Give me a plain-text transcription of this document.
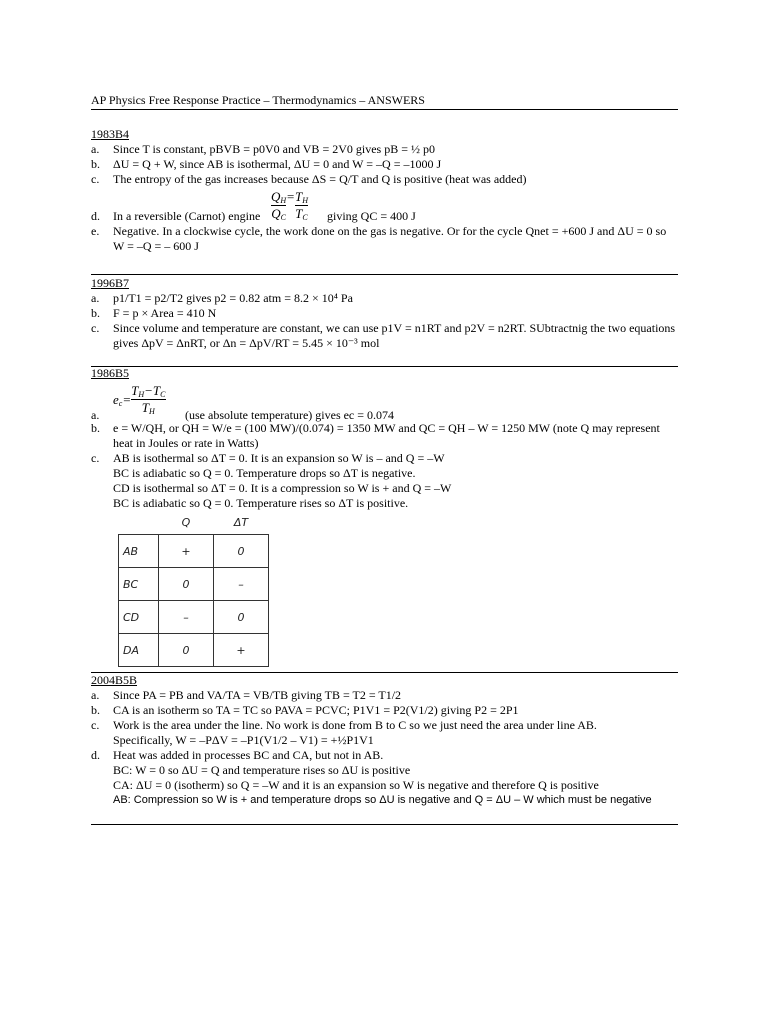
AP Physics Free Response Practice – Thermodynamics – ANSWERS
1983B4
a. Since T is constant, pBVB = p0V0 and VB = 2V0 gives pB = ½ p0
b. ΔU = Q + W, since AB is isothermal, ΔU = 0 and W = –Q = –1000 J
c. The entropy of the gas increases because ΔS = Q/T and Q is positive (heat was added)
d. In a reversible (Carnot) engine $\frac{Q_H}{Q_C} = \frac{T_H}{T_C}$ giving QC = 400 J
e. Negative. In a clockwise cycle, the work done on the gas is negative. Or for the cycle Qnet = +600 J and ΔU = 0 so W = –Q = – 600 J
1996B7
a. p1/T1 = p2/T2 gives p2 = 0.82 atm = 8.2 × 10⁴ Pa
b. F = p × Area = 410 N
c. Since volume and temperature are constant, we can use p1V = n1RT and p2V = n2RT. SUbtractnig the two equations gives ΔpV = ΔnRT, or Δn = ΔpV/RT = 5.45 × 10⁻³ mol
1986B5
a.
$e_c= \frac{T_H-T_C}{T_H} (use$ absolute temperature) gives ec = 0.074
b. e = W/QH, or QH = W/e = (100 MW)/(0.074) = 1350 MW and QC = QH – W = 1250 MW (note Q may represent heat in Joules or rate in Watts)
c. AB is isothermal so ΔT = 0. It is an expansion so W is – and Q = –W
BC is adiabatic so Q = 0. Temperature drops so ΔT is negative.
CD is isothermal so ΔT = 0. It is a compression so W is + and Q = –W
BC is adiabatic so Q = 0. Temperature rises so ΔT is positive.
	Q	ΔT
AB	+	0
BC	0	–
CD	–	0
DA	0	+
2004B5B
a. Since PA = PB and VA/TA = VB/TB giving TB = T2 = T1/2
b. CA is an isotherm so TA = TC so PAVA = PCVC; P1V1 = P2(V1/2) giving P2 = 2P1
c. Work is the area under the line. No work is done from B to C so we just need the area under line AB.
Specifically, W = –PΔV = –P1(V1/2 – V1) = +½P1V1
d. Heat was added in processes BC and CA, but not in AB.
BC: W = 0 so ΔU = Q and temperature rises so ΔU is positive
CA: ΔU = 0 (isotherm) so Q = –W and it is an expansion so W is negative and therefore Q is positive
AB: Compression so W is + and temperature drops so ΔU is negative and Q = ΔU – W which must be negative
